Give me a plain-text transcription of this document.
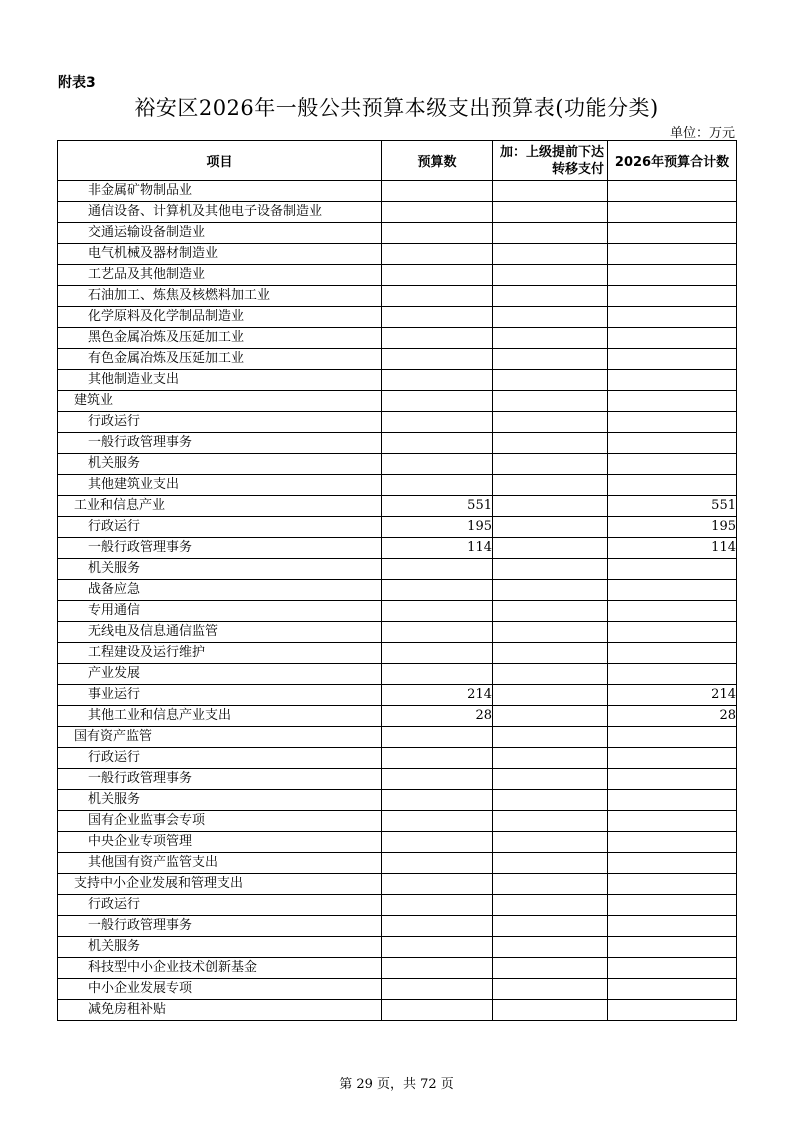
附表3
裕安区2026年一般公共预算本级支出预算表(功能分类)
单位：万元
项目	预算数	加：上级提前下达转移支付	2026年预算合计数
非金属矿物制品业			
通信设备、计算机及其他电子设备制造业			
交通运输设备制造业			
电气机械及器材制造业			
工艺品及其他制造业			
石油加工、炼焦及核燃料加工业			
化学原料及化学制品制造业			
黑色金属冶炼及压延加工业			
有色金属冶炼及压延加工业			
其他制造业支出			
建筑业			
行政运行			
一般行政管理事务			
机关服务			
其他建筑业支出			
工业和信息产业	551		551
行政运行	195		195
一般行政管理事务	114		114
机关服务			
战备应急			
专用通信			
无线电及信息通信监管			
工程建设及运行维护			
产业发展			
事业运行	214		214
其他工业和信息产业支出	28		28
国有资产监管			
行政运行			
一般行政管理事务			
机关服务			
国有企业监事会专项			
中央企业专项管理			
其他国有资产监管支出			
支持中小企业发展和管理支出			
行政运行			
一般行政管理事务			
机关服务			
科技型中小企业技术创新基金			
中小企业发展专项			
减免房租补贴			
第 29 页，共 72 页
